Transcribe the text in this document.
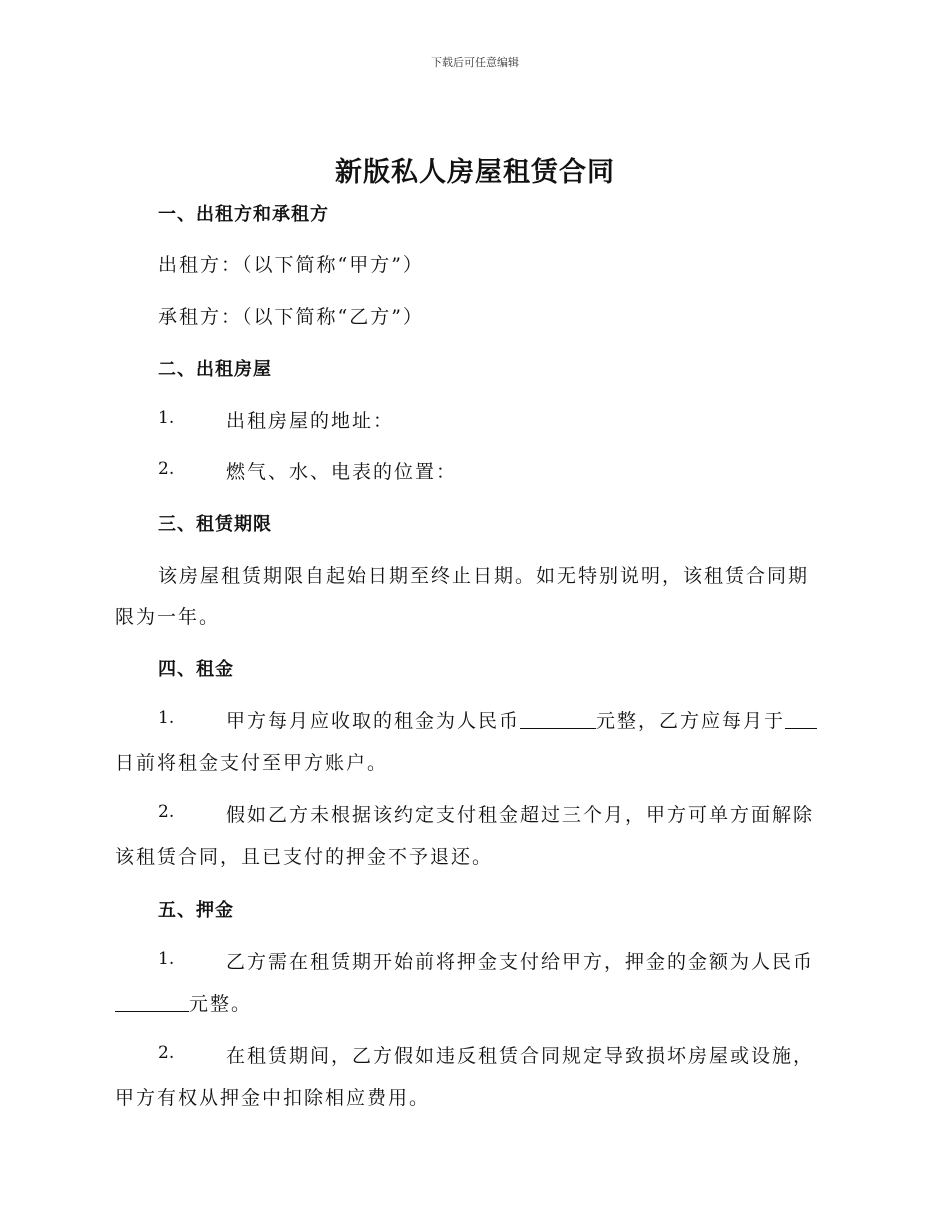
下载后可任意编辑
新版私人房屋租赁合同
一、出租方和承租方
出租方：（以下简称“甲方”）
承租方：（以下简称“乙方”）
二、出租房屋
1.	出租房屋的地址：
2.	燃气、水、电表的位置：
三、租赁期限
该房屋租赁期限自起始日期至终止日期。如无特别说明，该租赁合同期
限为一年。
四、租金
1.	甲方每月应收取的租金为人民币	元整，乙方应每月于
日前将租金支付至甲方账户。
2.	假如乙方未根据该约定支付租金超过三个月，甲方可单方面解除
该租赁合同，且已支付的押金不予退还。
五、押金
1.	乙方需在租赁期开始前将押金支付给甲方，押金的金额为人民币
元整。
2.	在租赁期间，乙方假如违反租赁合同规定导致损坏房屋或设施，
甲方有权从押金中扣除相应费用。
